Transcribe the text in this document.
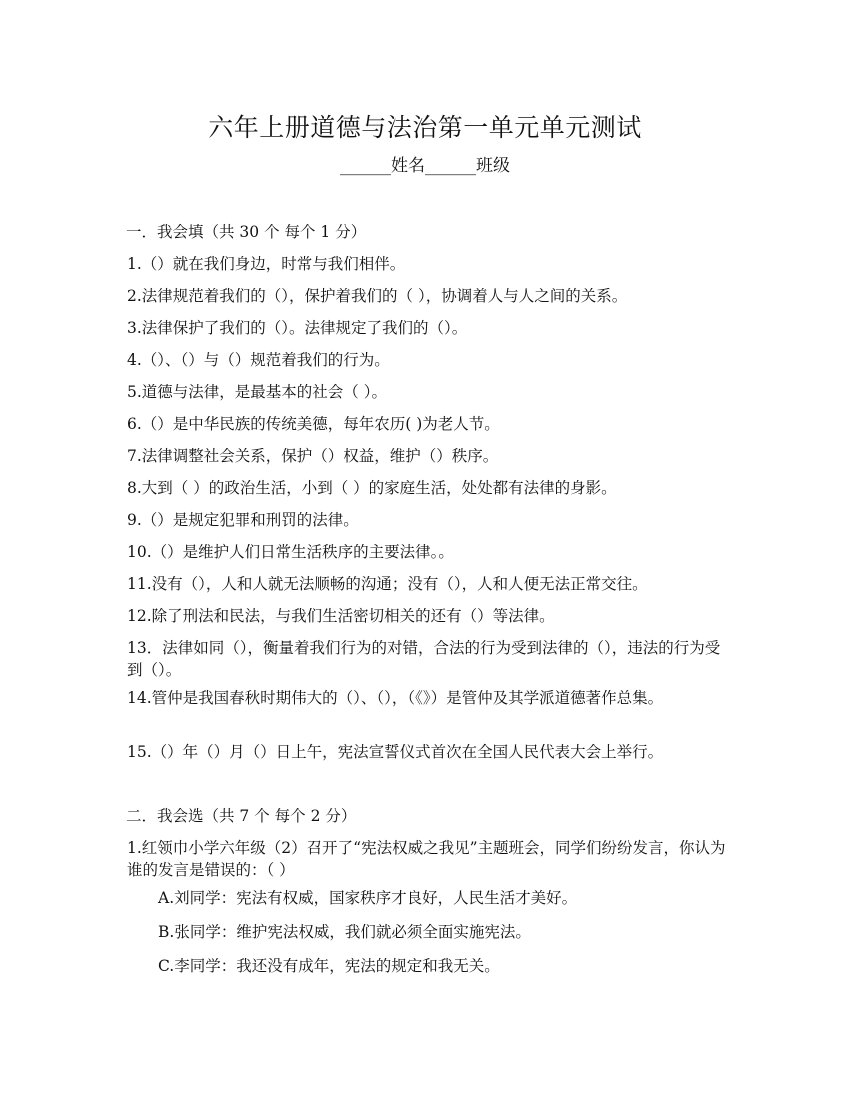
六年上册道德与法治第一单元单元测试
______姓名______班级
一．我会填（共 30 个 每个 1 分）
1.（）就在我们身边，时常与我们相伴。
2.法律规范着我们的（），保护着我们的（ ），协调着人与人之间的关系。
3.法律保护了我们的（）。法律规定了我们的（）。
4.（）、（）与（）规范着我们的行为。
5.道德与法律，是最基本的社会（ ）。
6.（）是中华民族的传统美德，每年农历( )为老人节。
7.法律调整社会关系，保护（）权益，维护（）秩序。
8.大到（ ）的政治生活，小到（ ）的家庭生活，处处都有法律的身影。
9.（）是规定犯罪和刑罚的法律。
10.（）是维护人们日常生活秩序的主要法律。。
11.没有（），人和人就无法顺畅的沟通；没有（），人和人便无法正常交往。
12.除了刑法和民法，与我们生活密切相关的还有（）等法律。
13．法律如同（），衡量着我们行为的对错，合法的行为受到法律的（），违法的行为受到（）。
14.管仲是我国春秋时期伟大的（）、（），（《》）是管仲及其学派道德著作总集。
15.（）年（）月（）日上午，宪法宣誓仪式首次在全国人民代表大会上举行。
二．我会选（共 7 个 每个 2 分）
1.红领巾小学六年级（2）召开了“宪法权威之我见”主题班会，同学们纷纷发言，你认为谁的发言是错误的：（ ）
A.刘同学：宪法有权威，国家秩序才良好，人民生活才美好。
B.张同学：维护宪法权威，我们就必须全面实施宪法。
C.李同学：我还没有成年，宪法的规定和我无关。
